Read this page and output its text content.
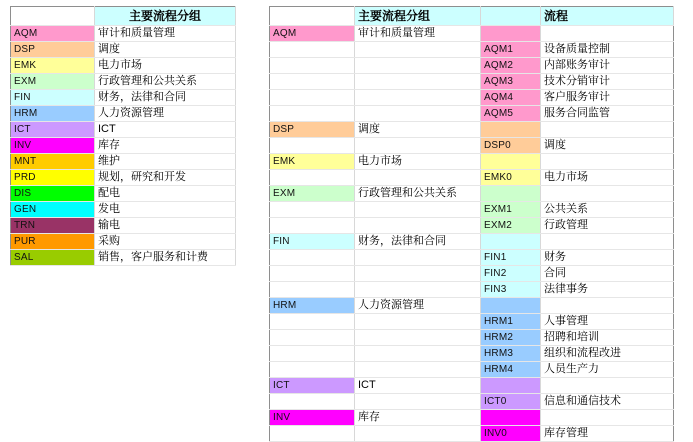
	主要流程分组
AQM	审计和质量管理
DSP	调度
EMK	电力市场
EXM	行政管理和公共关系
FIN	财务，法律和合同
HRM	人力资源管理
ICT	ICT
INV	库存
MNT	维护
PRD	规划，研究和开发
DIS	配电
GEN	发电
TRN	输电
PUR	采购
SAL	销售，客户服务和计费
	主要流程分组		流程
AQM	审计和质量管理		
		AQM1	设备质量控制
		AQM2	内部账务审计
		AQM3	技术分销审计
		AQM4	客户服务审计
		AQM5	服务合同监管
DSP	调度		
		DSP0	调度
EMK	电力市场		
		EMK0	电力市场
EXM	行政管理和公共关系		
		EXM1	公共关系
		EXM2	行政管理
FIN	财务，法律和合同		
		FIN1	财务
		FIN2	合同
		FIN3	法律事务
HRM	人力资源管理		
		HRM1	人事管理
		HRM2	招聘和培训
		HRM3	组织和流程改进
		HRM4	人员生产力
ICT	ICT		
		ICT0	信息和通信技术
INV	库存		
		INV0	库存管理
